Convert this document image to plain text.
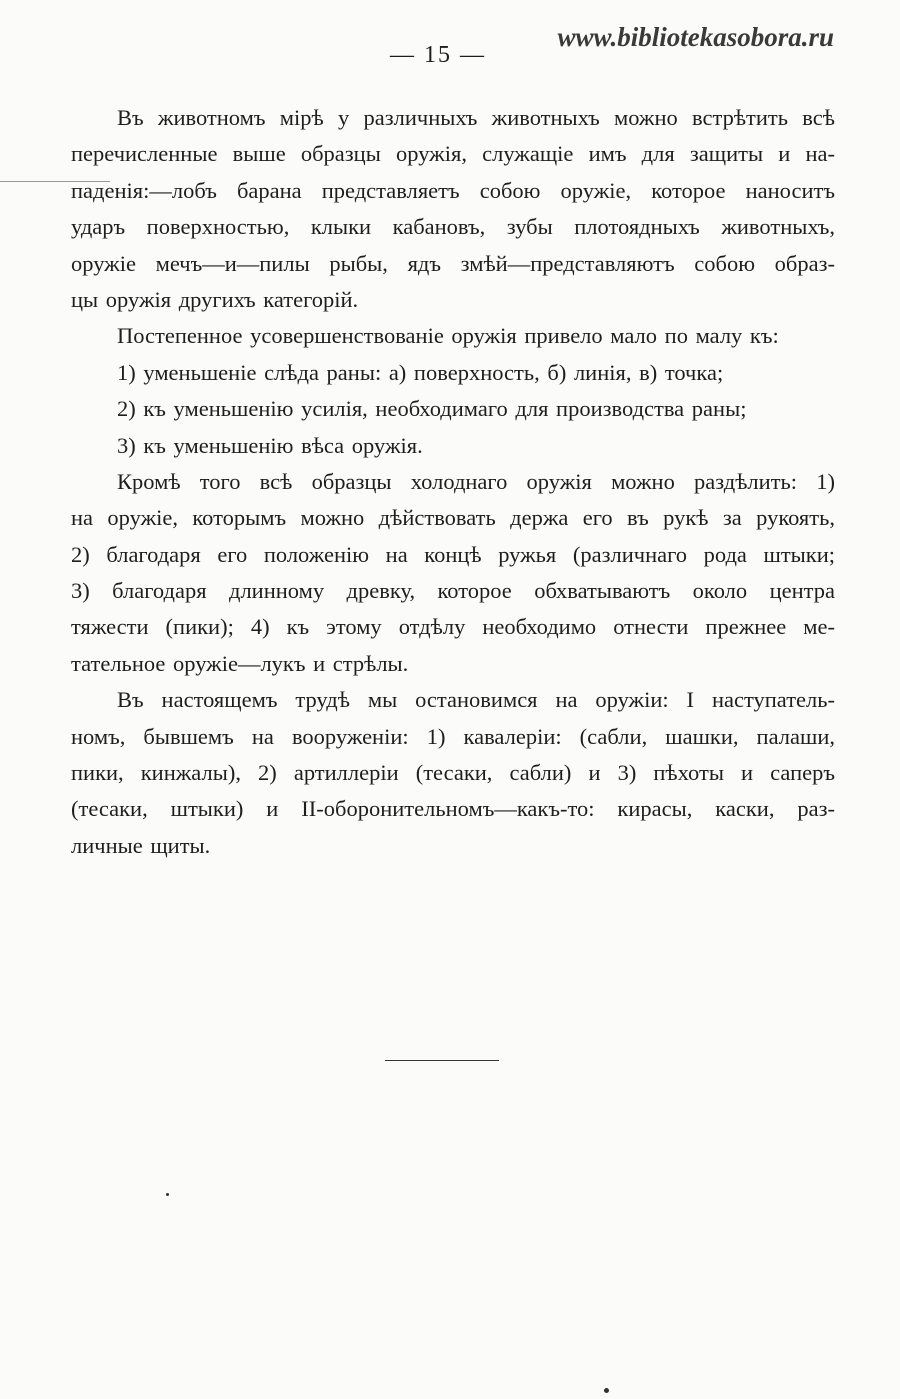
www.bibliotekasobora.ru
— 15 —
Въ животномъ мірѣ у различныхъ животныхъ можно встрѣтить всѣ
перечисленные выше образцы оружія, служащіе имъ для защиты и на-
паденія:—лобъ барана представляетъ собою оружіе, которое наноситъ
ударъ поверхностью, клыки кабановъ, зубы плотоядныхъ животныхъ,
оружіе мечъ—и—пилы рыбы, ядъ змѣй—представляютъ собою образ-
цы оружія другихъ категорій.
Постепенное усовершенствованіе оружія привело мало по малу къ:
1) уменьшеніе слѣда раны: а) поверхность, б) линія, в) точка;
2) къ уменьшенію усилія, необходимаго для производства раны;
3) къ уменьшенію вѣса оружія.
Кромѣ того всѣ образцы холоднаго оружія можно раздѣлить: 1)
на оружіе, которымъ можно дѣйствовать держа его въ рукѣ за рукоять,
2) благодаря его положенію на концѣ ружья (различнаго рода штыки;
3) благодаря длинному древку, которое обхватываютъ около центра
тяжести (пики); 4) къ этому отдѣлу необходимо отнести прежнее ме-
тательное оружіе—лукъ и стрѣлы.
Въ настоящемъ трудѣ мы остановимся на оружіи: I наступатель-
номъ, бывшемъ на вооруженіи: 1) кавалеріи: (сабли, шашки, палаши,
пики, кинжалы), 2) артиллеріи (тесаки, сабли) и 3) пѣхоты и саперъ
(тесаки, штыки) и II-оборонительномъ—какъ-то: кирасы, каски, раз-
личные щиты.
